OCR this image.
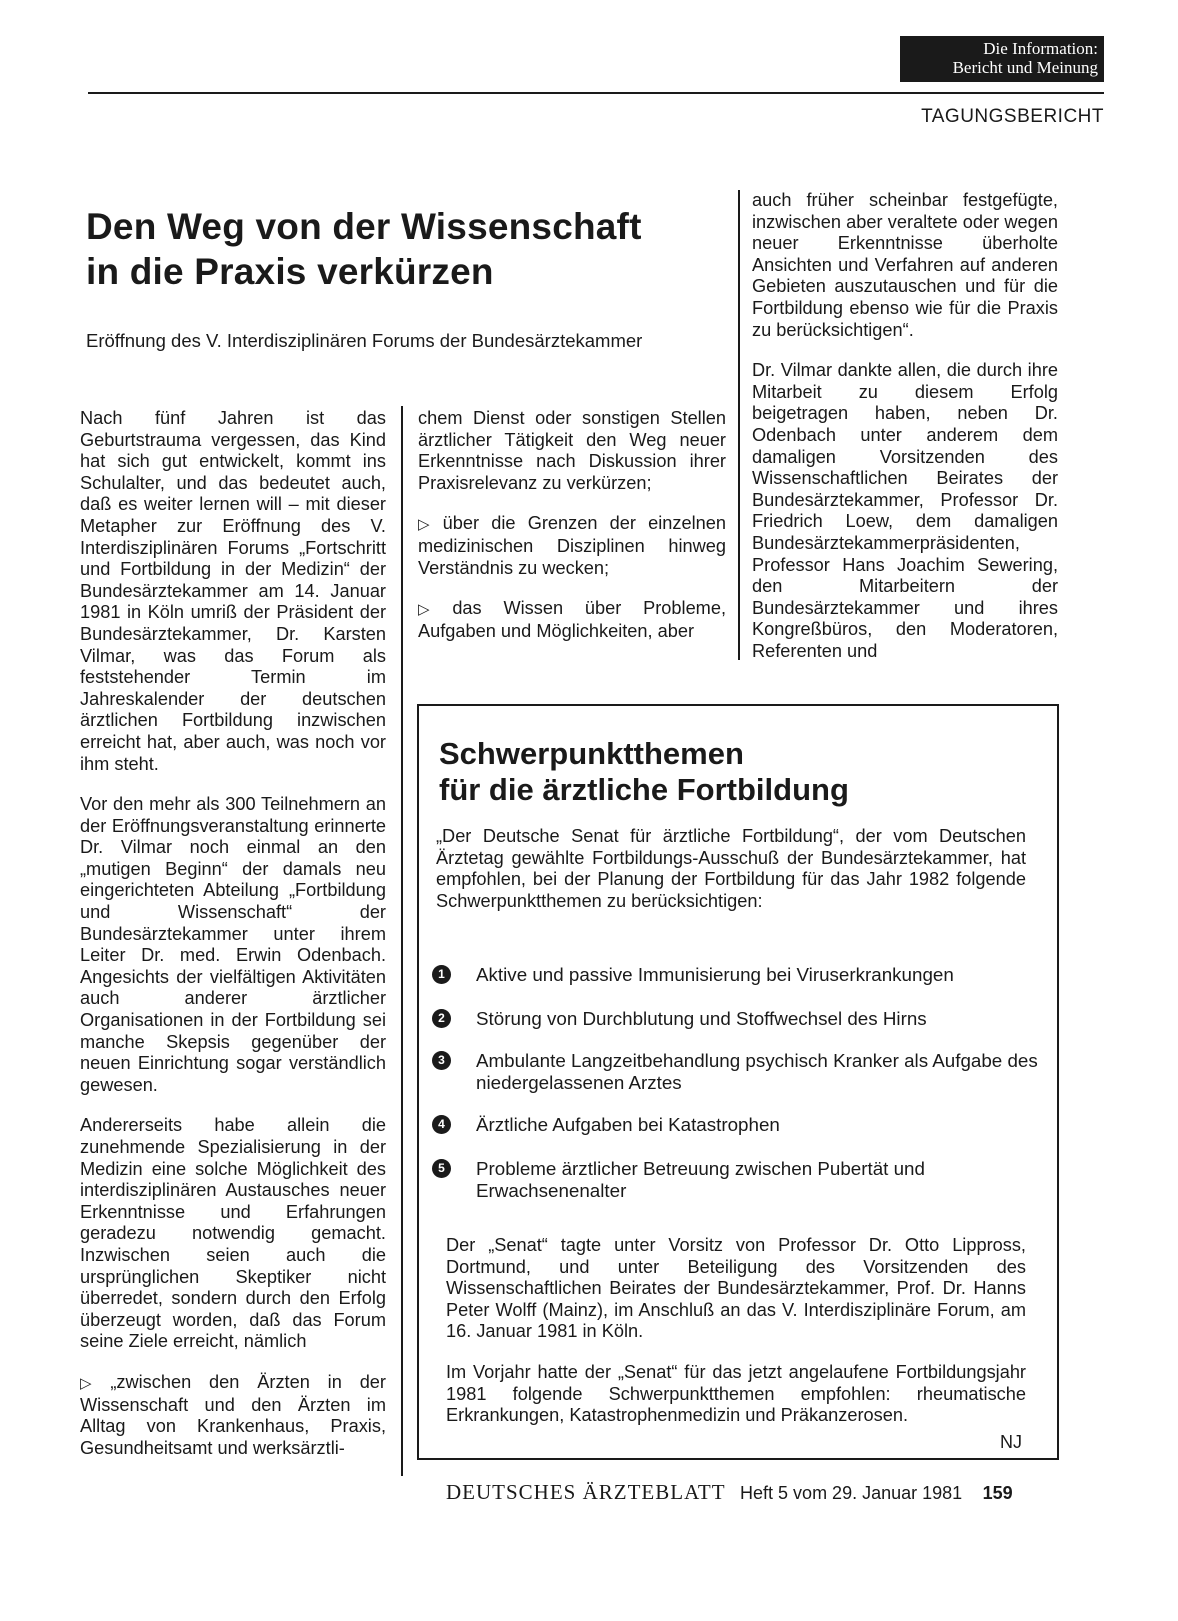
Die Information:
Bericht und Meinung
TAGUNGSBERICHT
Den Weg von der Wissenschaft
in die Praxis verkürzen
Eröffnung des V. Interdisziplinären Forums der Bundesärztekammer

Nach fünf Jahren ist das Geburtstrauma vergessen, das Kind hat sich gut entwickelt, kommt ins Schulalter, und das bedeutet auch, daß es weiter lernen will – mit dieser Metapher zur Eröffnung des V. Interdisziplinären Forums „Fortschritt und Fortbildung in der Medizin“ der Bundesärztekammer am 14. Januar 1981 in Köln umriß der Präsident der Bundesärztekammer, Dr. Karsten Vilmar, was das Forum als feststehender Termin im Jahreskalender der deutschen ärztlichen Fortbildung inzwischen erreicht hat, aber auch, was noch vor ihm steht.

Vor den mehr als 300 Teilnehmern an der Eröffnungsveranstaltung erinnerte Dr. Vilmar noch einmal an den „mutigen Beginn“ der damals neu eingerichteten Abteilung „Fortbildung und Wissenschaft“ der Bundesärztekammer unter ihrem Leiter Dr. med. Erwin Odenbach. Angesichts der vielfältigen Aktivitäten auch anderer ärztlicher Organisationen in der Fortbildung sei manche Skepsis gegenüber der neuen Einrichtung sogar verständlich gewesen.

Andererseits habe allein die zunehmende Spezialisierung in der Medizin eine solche Möglichkeit des interdisziplinären Austausches neuer Erkenntnisse und Erfahrungen geradezu notwendig gemacht. Inzwischen seien auch die ursprünglichen Skeptiker nicht überredet, sondern durch den Erfolg überzeugt worden, daß das Forum seine Ziele erreicht, nämlich

▷ „zwischen den Ärzten in der Wissenschaft und den Ärzten im Alltag von Krankenhaus, Praxis, Gesundheitsamt und werksärztli-

chem Dienst oder sonstigen Stellen ärztlicher Tätigkeit den Weg neuer Erkenntnisse nach Diskussion ihrer Praxisrelevanz zu verkürzen;

▷ über die Grenzen der einzelnen medizinischen Disziplinen hinweg Verständnis zu wecken;

▷ das Wissen über Probleme, Aufgaben und Möglichkeiten, aber

auch früher scheinbar festgefügte, inzwischen aber veraltete oder wegen neuer Erkenntnisse überholte Ansichten und Verfahren auf anderen Gebieten auszutauschen und für die Fortbildung ebenso wie für die Praxis zu berücksichtigen“.

Dr. Vilmar dankte allen, die durch ihre Mitarbeit zu diesem Erfolg beigetragen haben, neben Dr. Odenbach unter anderem dem damaligen Vorsitzenden des Wissenschaftlichen Beirates der Bundesärztekammer, Professor Dr. Friedrich Loew, dem damaligen Bundesärztekammerpräsidenten, Professor Hans Joachim Sewering, den Mitarbeitern der Bundesärztekammer und ihres Kongreßbüros, den Moderatoren, Referenten und

Schwerpunktthemen
für die ärztliche Fortbildung
„Der Deutsche Senat für ärztliche Fortbildung“, der vom Deutschen Ärztetag gewählte Fortbildungs-Ausschuß der Bundesärztekammer, hat empfohlen, bei der Planung der Fortbildung für das Jahr 1982 folgende Schwerpunktthemen zu berücksichtigen:
1	Aktive und passive Immunisierung bei Viruserkrankungen
2	Störung von Durchblutung und Stoffwechsel des Hirns
3	Ambulante Langzeitbehandlung psychisch Kranker als Aufgabe des niedergelassenen Arztes
4	Ärztliche Aufgaben bei Katastrophen
5	Probleme ärztlicher Betreuung zwischen Pubertät und Erwachsenenalter
Der „Senat“ tagte unter Vorsitz von Professor Dr. Otto Lippross, Dortmund, und unter Beteiligung des Vorsitzenden des Wissenschaftlichen Beirates der Bundesärztekammer, Prof. Dr. Hanns Peter Wolff (Mainz), im Anschluß an das V. Interdisziplinäre Forum, am 16. Januar 1981 in Köln.
Im Vorjahr hatte der „Senat“ für das jetzt angelaufene Fortbildungsjahr 1981 folgende Schwerpunktthemen empfohlen: rheumatische Erkrankungen, Katastrophenmedizin und Präkanzerosen.
NJ
DEUTSCHES ÄRZTEBLATT Heft 5 vom 29. Januar 1981 159
